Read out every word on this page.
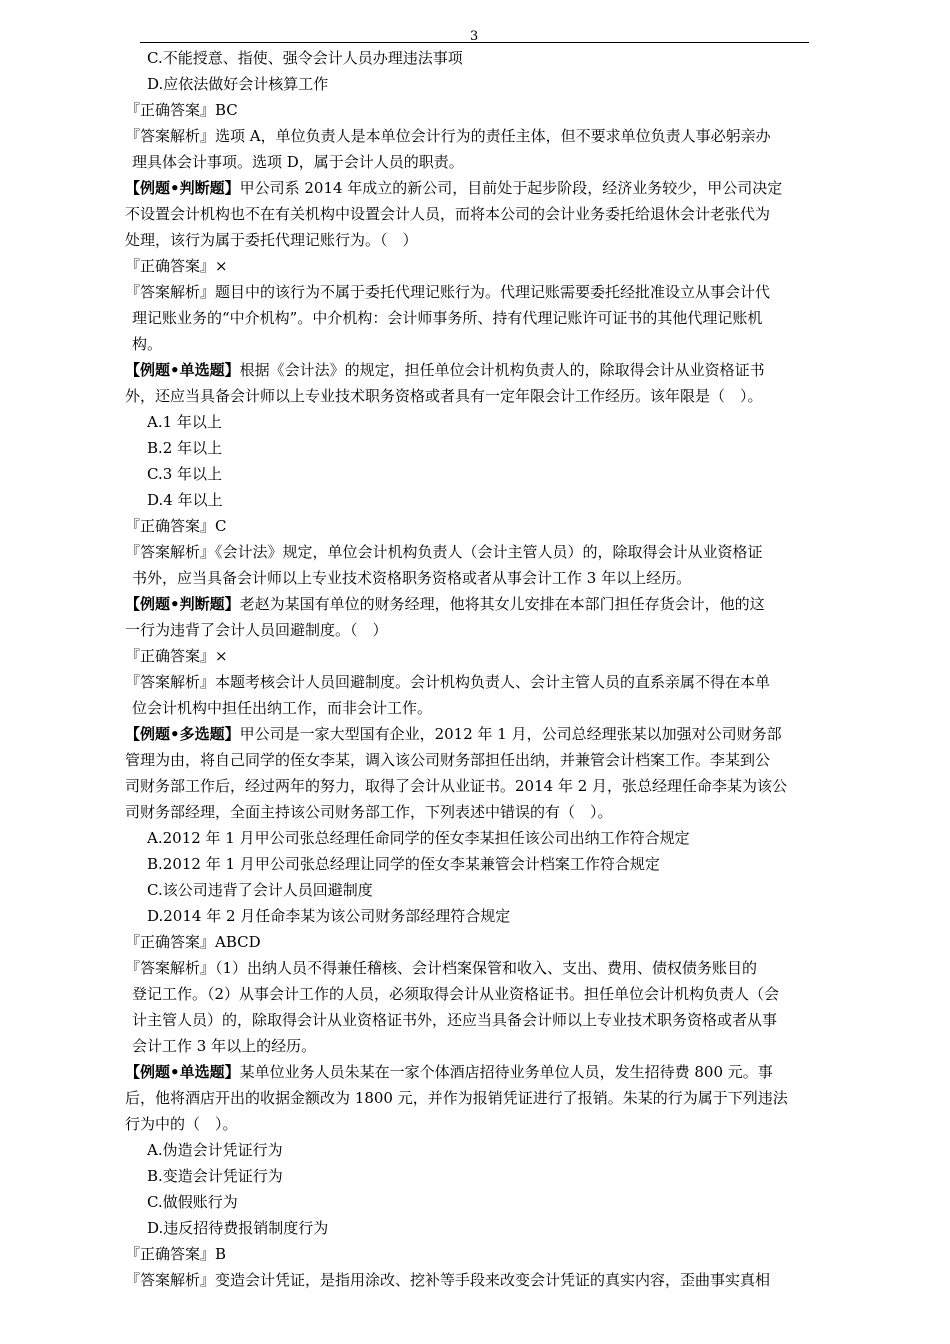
3
C.不能授意、指使、强令会计人员办理违法事项
D.应依法做好会计核算工作
『正确答案』BC
『答案解析』选项 A，单位负责人是本单位会计行为的责任主体，但不要求单位负责人事必躬亲办
理具体会计事项。选项 D，属于会计人员的职责。
【例题•判断题】甲公司系 2014 年成立的新公司，目前处于起步阶段，经济业务较少，甲公司决定
不设置会计机构也不在有关机构中设置会计人员，而将本公司的会计业务委托给退休会计老张代为
处理，该行为属于委托代理记账行为。（　）
『正确答案』×
『答案解析』题目中的该行为不属于委托代理记账行为。代理记账需要委托经批准设立从事会计代
理记账业务的“中介机构”。中介机构：会计师事务所、持有代理记账许可证书的其他代理记账机
构。
【例题•单选题】根据《会计法》的规定，担任单位会计机构负责人的，除取得会计从业资格证书
外，还应当具备会计师以上专业技术职务资格或者具有一定年限会计工作经历。该年限是（　）。
A.1 年以上
B.2 年以上
C.3 年以上
D.4 年以上
『正确答案』C
『答案解析』《会计法》规定，单位会计机构负责人（会计主管人员）的，除取得会计从业资格证
书外，应当具备会计师以上专业技术资格职务资格或者从事会计工作 3 年以上经历。
【例题•判断题】老赵为某国有单位的财务经理，他将其女儿安排在本部门担任存货会计，他的这
一行为违背了会计人员回避制度。（　）
『正确答案』×
『答案解析』本题考核会计人员回避制度。会计机构负责人、会计主管人员的直系亲属不得在本单
位会计机构中担任出纳工作，而非会计工作。
【例题•多选题】甲公司是一家大型国有企业，2012 年 1 月，公司总经理张某以加强对公司财务部
管理为由，将自己同学的侄女李某，调入该公司财务部担任出纳，并兼管会计档案工作。李某到公
司财务部工作后，经过两年的努力，取得了会计从业证书。2014 年 2 月，张总经理任命李某为该公
司财务部经理，全面主持该公司财务部工作，下列表述中错误的有（　）。
A.2012 年 1 月甲公司张总经理任命同学的侄女李某担任该公司出纳工作符合规定
B.2012 年 1 月甲公司张总经理让同学的侄女李某兼管会计档案工作符合规定
C.该公司违背了会计人员回避制度
D.2014 年 2 月任命李某为该公司财务部经理符合规定
『正确答案』ABCD
『答案解析』（1）出纳人员不得兼任稽核、会计档案保管和收入、支出、费用、债权债务账目的
登记工作。（2）从事会计工作的人员，必须取得会计从业资格证书。担任单位会计机构负责人（会
计主管人员）的，除取得会计从业资格证书外，还应当具备会计师以上专业技术职务资格或者从事
会计工作 3 年以上的经历。
【例题•单选题】某单位业务人员朱某在一家个体酒店招待业务单位人员，发生招待费 800 元。事
后，他将酒店开出的收据金额改为 1800 元，并作为报销凭证进行了报销。朱某的行为属于下列违法
行为中的（　）。
A.伪造会计凭证行为
B.变造会计凭证行为
C.做假账行为
D.违反招待费报销制度行为
『正确答案』B
『答案解析』变造会计凭证，是指用涂改、挖补等手段来改变会计凭证的真实内容，歪曲事实真相
